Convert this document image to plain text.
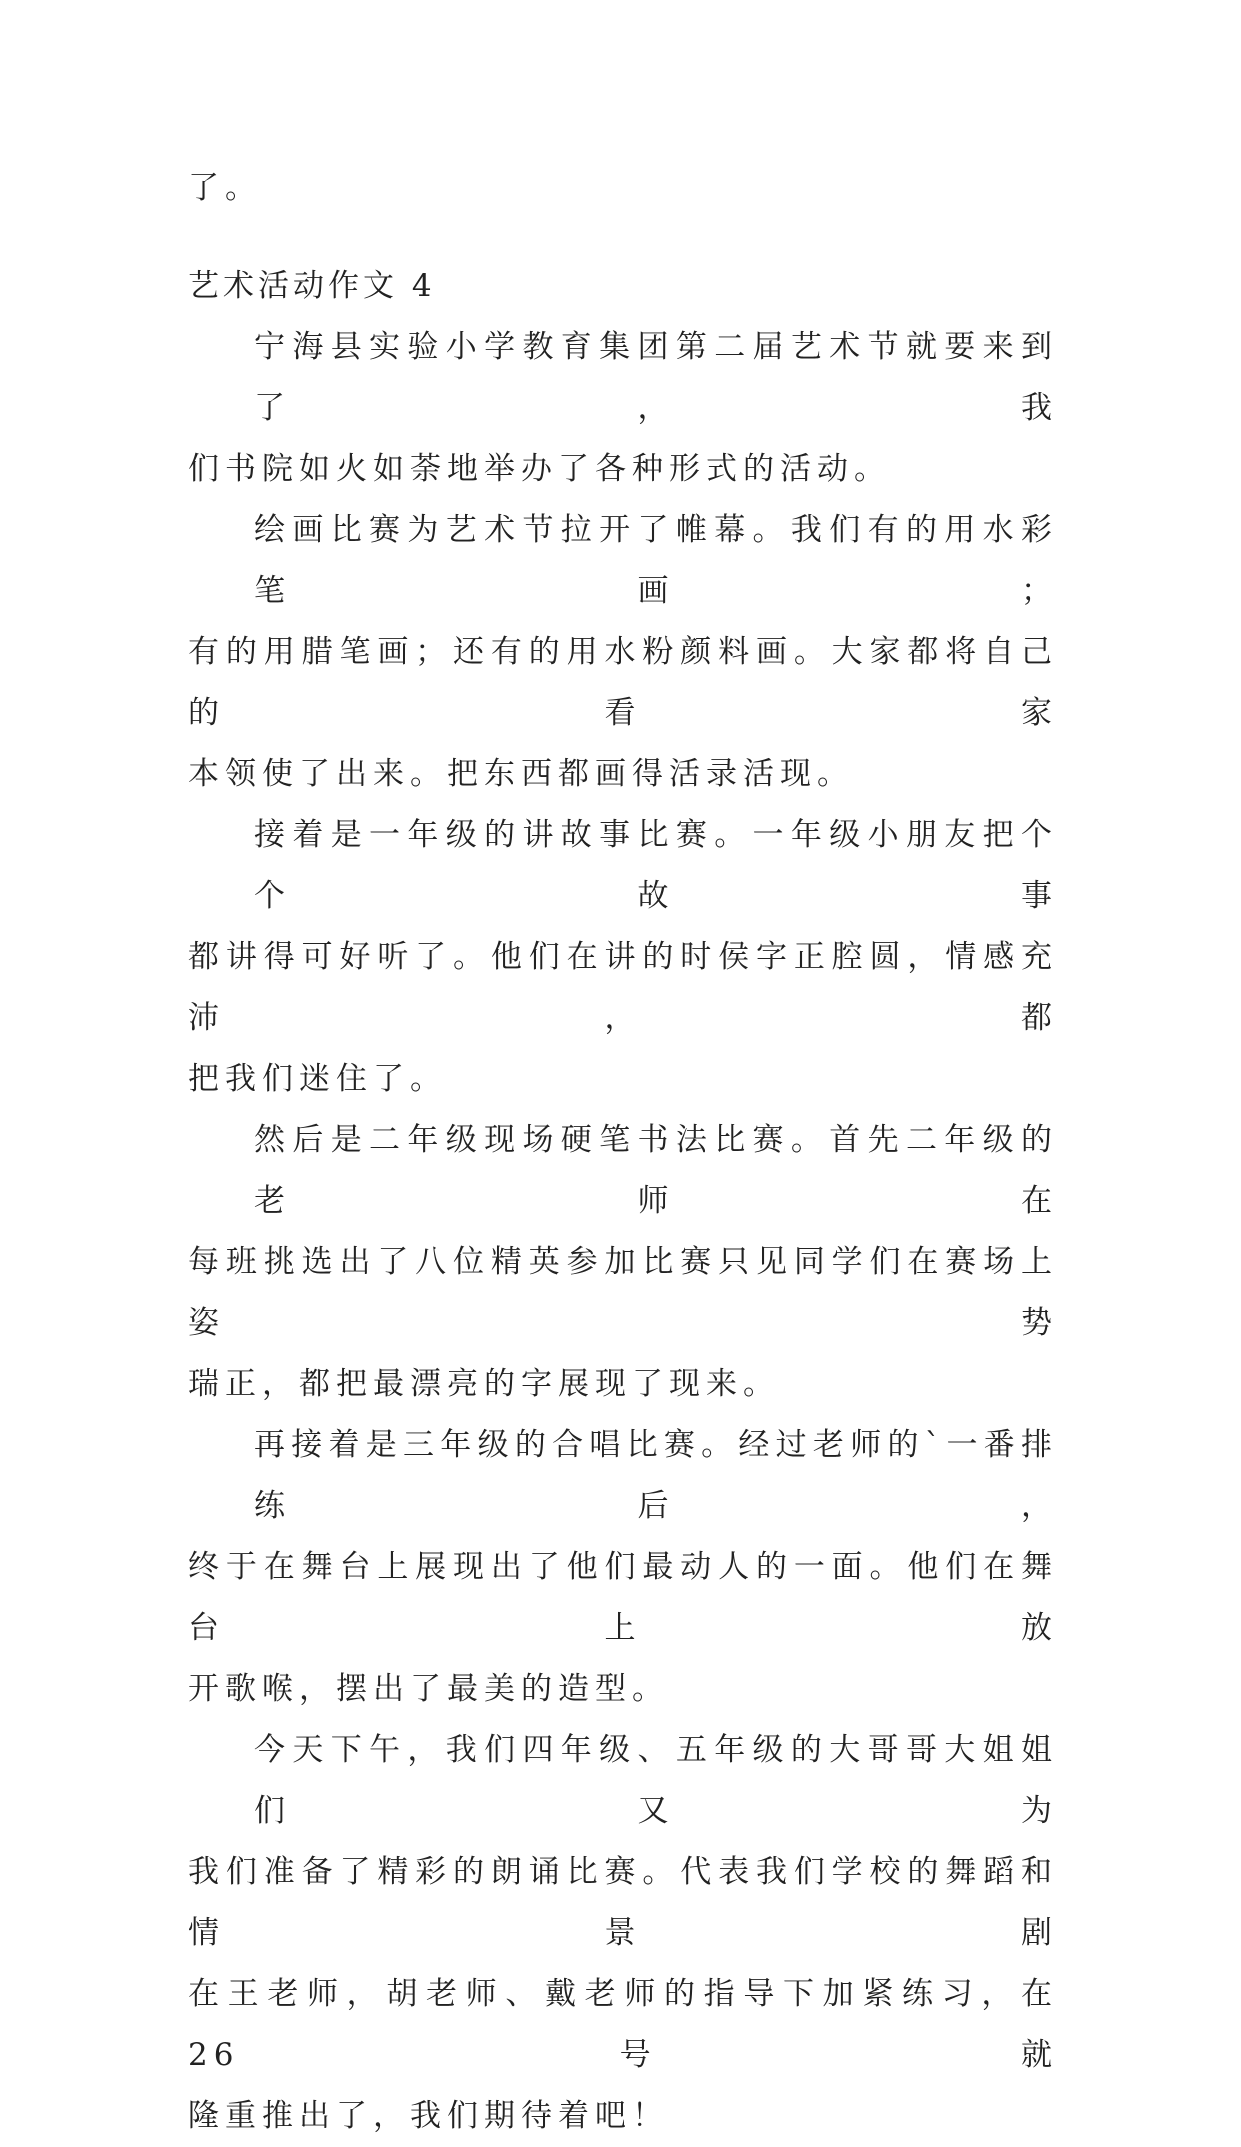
了。
艺术活动作文 4
宁海县实验小学教育集团第二届艺术节就要来到了，我
们书院如火如荼地举办了各种形式的活动。
绘画比赛为艺术节拉开了帷幕。我们有的用水彩笔画；
有的用腊笔画；还有的用水粉颜料画。大家都将自己的看家
本领使了出来。把东西都画得活录活现。
接着是一年级的讲故事比赛。一年级小朋友把个个故事
都讲得可好听了。他们在讲的时侯字正腔圆，情感充沛，都
把我们迷住了。
然后是二年级现场硬笔书法比赛。首先二年级的老师在
每班挑选出了八位精英参加比赛只见同学们在赛场上姿势
瑞正，都把最漂亮的字展现了现来。
再接着是三年级的合唱比赛。经过老师的`一番排练后，
终于在舞台上展现出了他们最动人的一面。他们在舞台上放
开歌喉，摆出了最美的造型。
今天下午，我们四年级、五年级的大哥哥大姐姐们又为
我们准备了精彩的朗诵比赛。代表我们学校的舞蹈和情景剧
在王老师，胡老师、戴老师的指导下加紧练习，在 26 号就
隆重推出了，我们期待着吧！
